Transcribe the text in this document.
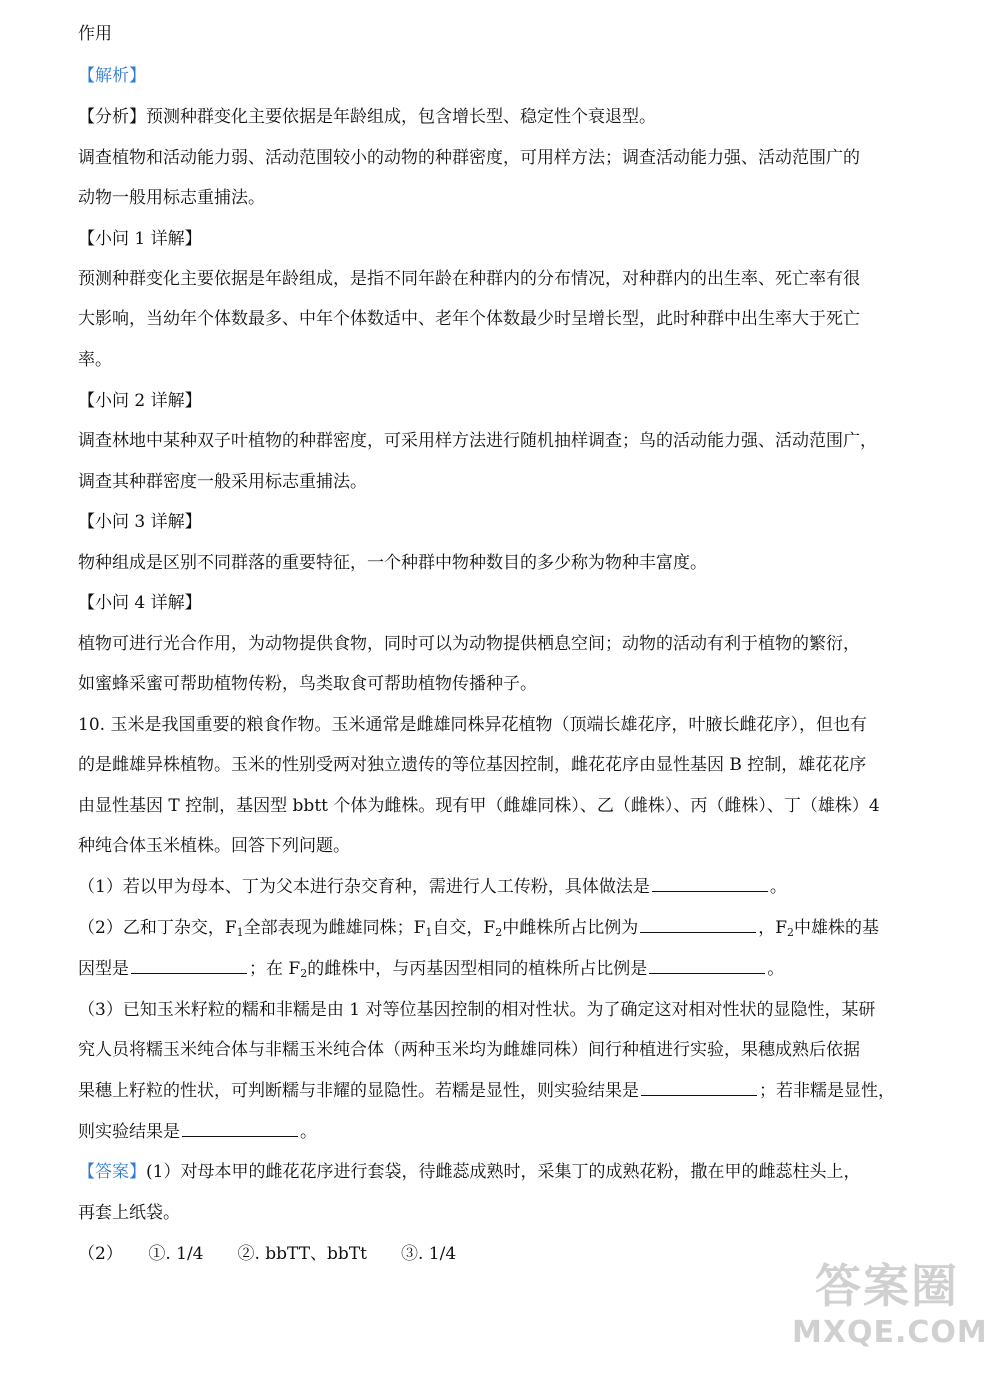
作用
【解析】
【分析】预测种群变化主要依据是年龄组成，包含增长型、稳定性个衰退型。
调查植物和活动能力弱、活动范围较小的动物的种群密度，可用样方法；调查活动能力强、活动范围广的
动物一般用标志重捕法。
【小问 1 详解】
预测种群变化主要依据是年龄组成，是指不同年龄在种群内的分布情况，对种群内的出生率、死亡率有很
大影响，当幼年个体数最多、中年个体数适中、老年个体数最少时呈增长型，此时种群中出生率大于死亡
率。
【小问 2 详解】
调查林地中某种双子叶植物的种群密度，可采用样方法进行随机抽样调查；鸟的活动能力强、活动范围广，
调查其种群密度一般采用标志重捕法。
【小问 3 详解】
物种组成是区别不同群落的重要特征，一个种群中物种数目的多少称为物种丰富度。
【小问 4 详解】
植物可进行光合作用，为动物提供食物，同时可以为动物提供栖息空间；动物的活动有利于植物的繁衍，
如蜜蜂采蜜可帮助植物传粉，鸟类取食可帮助植物传播种子。
10. 玉米是我国重要的粮食作物。玉米通常是雌雄同株异花植物（顶端长雄花序，叶腋长雌花序），但也有
的是雌雄异株植物。玉米的性别受两对独立遗传的等位基因控制，雌花花序由显性基因 B 控制，雄花花序
由显性基因 T 控制，基因型 bbtt 个体为雌株。现有甲（雌雄同株）、乙（雌株）、丙（雌株）、丁（雄株）4
种纯合体玉米植株。回答下列问题。
（1）若以甲为母本、丁为父本进行杂交育种，需进行人工传粉，具体做法是	。
（2）乙和丁杂交，$F_1$全部表现为雌雄同株；$F_1$自交，$F_2$中雌株所占比例为	，$F_2$中雄株的基
因型是	；在 $F_2$的雌株中，与丙基因型相同的植株所占比例是	。
（3）已知玉米籽粒的糯和非糯是由 1 对等位基因控制的相对性状。为了确定这对相对性状的显隐性，某研
究人员将糯玉米纯合体与非糯玉米纯合体（两种玉米均为雌雄同株）间行种植进行实验，果穗成熟后依据
果穗上籽粒的性状，可判断糯与非耀的显隐性。若糯是显性，则实验结果是	；若非糯是显性，
则实验结果是	。
【答案】(1）对母本甲的雌花花序进行套袋，待雌蕊成熟时，采集丁的成熟花粉，撒在甲的雌蕊柱头上，
再套上纸袋。
（2）　　①. 1/4　　②. bbTT、bbTt　　③. 1/4
答案圈
MXQE.COM
